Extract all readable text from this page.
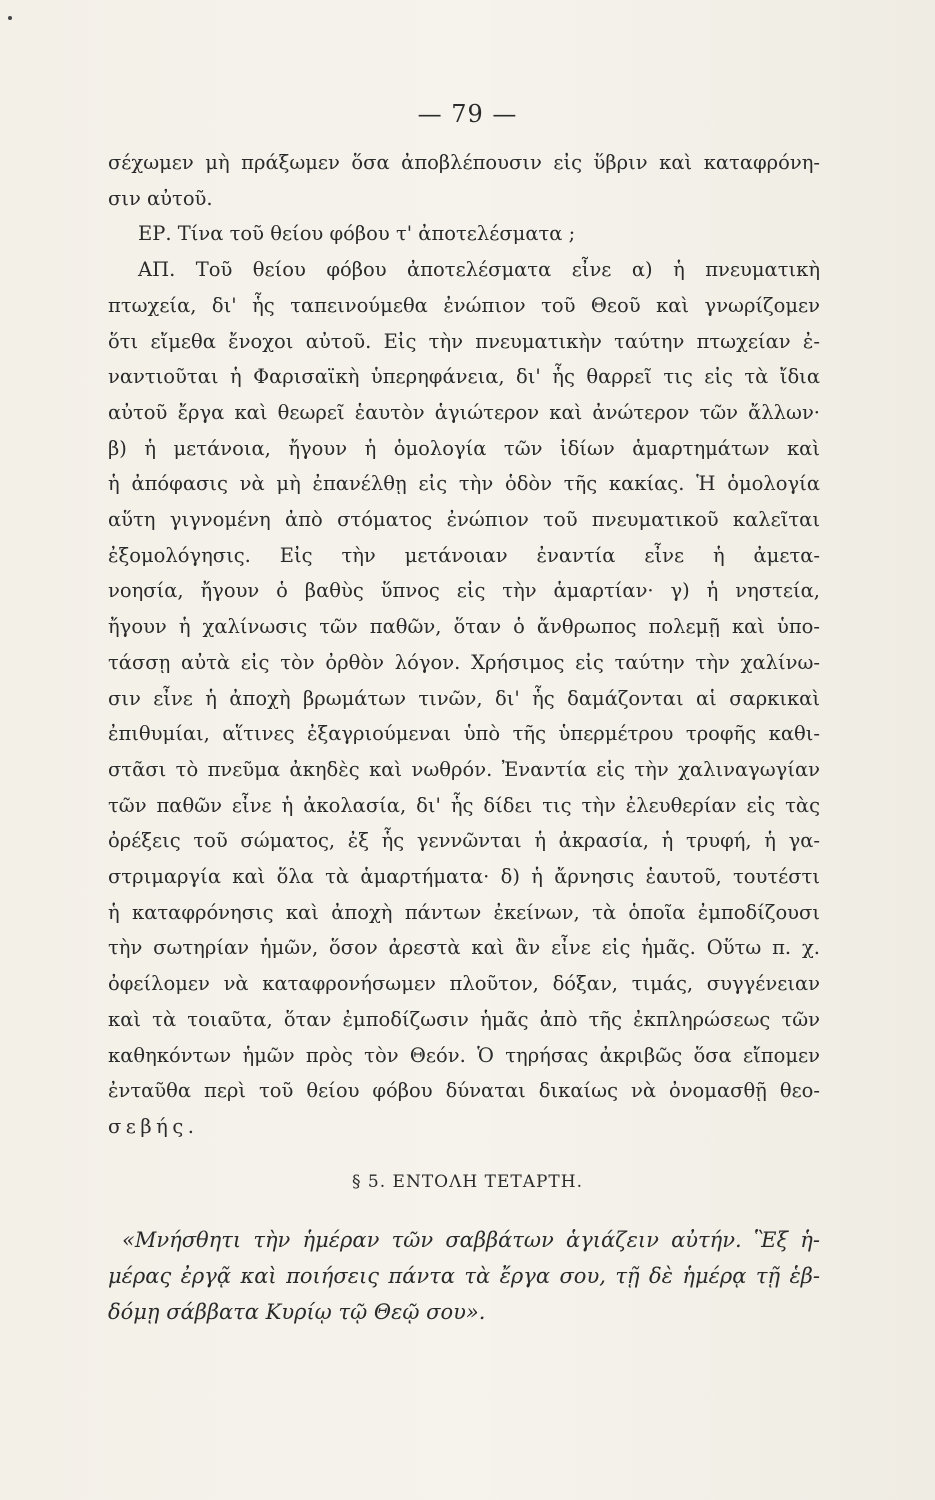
— 79 —
σέχωμεν μὴ πράξωμεν ὅσα ἀποβλέπουσιν εἰς ὕβριν καὶ καταφρόνη-
σιν αὐτοῦ.
ΕΡ. Τίνα τοῦ θείου φόβου τ' ἀποτελέσματα ;
ΑΠ. Τοῦ θείου φόβου ἀποτελέσματα εἶνε α) ἡ πνευματικὴ
πτωχεία, δι' ἧς ταπεινούμεθα ἐνώπιον τοῦ Θεοῦ καὶ γνωρίζομεν
ὅτι εἴμεθα ἔνοχοι αὐτοῦ. Εἰς τὴν πνευματικὴν ταύτην πτωχείαν ἐ-
ναντιοῦται ἡ Φαρισαϊκὴ ὑπερηφάνεια, δι' ἧς θαρρεῖ τις εἰς τὰ ἴδια
αὐτοῦ ἔργα καὶ θεωρεῖ ἑαυτὸν ἁγιώτερον καὶ ἀνώτερον τῶν ἄλλων·
β) ἡ μετάνοια, ἤγουν ἡ ὁμολογία τῶν ἰδίων ἁμαρτημάτων καὶ
ἡ ἀπόφασις νὰ μὴ ἐπανέλθῃ εἰς τὴν ὁδὸν τῆς κακίας. Ἡ ὁμολογία
αὕτη γιγνομένη ἀπὸ στόματος ἐνώπιον τοῦ πνευματικοῦ καλεῖται
ἐξομολόγησις. Εἰς τὴν μετάνοιαν ἐναντία εἶνε ἡ ἀμετα-
νοησία, ἤγουν ὁ βαθὺς ὕπνος εἰς τὴν ἁμαρτίαν· γ) ἡ νηστεία,
ἤγουν ἡ χαλίνωσις τῶν παθῶν, ὅταν ὁ ἄνθρωπος πολεμῇ καὶ ὑπο-
τάσσῃ αὐτὰ εἰς τὸν ὀρθὸν λόγον. Χρήσιμος εἰς ταύτην τὴν χαλίνω-
σιν εἶνε ἡ ἀποχὴ βρωμάτων τινῶν, δι' ἧς δαμάζονται αἱ σαρκικαὶ
ἐπιθυμίαι, αἵτινες ἐξαγριούμεναι ὑπὸ τῆς ὑπερμέτρου τροφῆς καθι-
στᾶσι τὸ πνεῦμα ἀκηδὲς καὶ νωθρόν. Ἐναντία εἰς τὴν χαλιναγωγίαν
τῶν παθῶν εἶνε ἡ ἀκολασία, δι' ἧς δίδει τις τὴν ἐλευθερίαν εἰς τὰς
ὀρέξεις τοῦ σώματος, ἐξ ἧς γεννῶνται ἡ ἀκρασία, ἡ τρυφή, ἡ γα-
στριμαργία καὶ ὅλα τὰ ἁμαρτήματα· δ) ἡ ἄρνησις ἑαυτοῦ, τουτέστι
ἡ καταφρόνησις καὶ ἀποχὴ πάντων ἐκείνων, τὰ ὁποῖα ἐμποδίζουσι
τὴν σωτηρίαν ἡμῶν, ὅσον ἀρεστὰ καὶ ἂν εἶνε εἰς ἡμᾶς. Οὕτω π. χ.
ὀφείλομεν νὰ καταφρονήσωμεν πλοῦτον, δόξαν, τιμάς, συγγένειαν
καὶ τὰ τοιαῦτα, ὅταν ἐμποδίζωσιν ἡμᾶς ἀπὸ τῆς ἐκπληρώσεως τῶν
καθηκόντων ἡμῶν πρὸς τὸν Θεόν. Ὁ τηρήσας ἀκριβῶς ὅσα εἴπομεν
ἐνταῦθα περὶ τοῦ θείου φόβου δύναται δικαίως νὰ ὀνομασθῇ θεο-
σεβής.
§ 5. ΕΝΤΟΛΗ ΤΕΤΑΡΤΗ.
«Μνήσθητι τὴν ἡμέραν τῶν σαββάτων ἁγιάζειν αὐτήν. Ἓξ ἡ-
μέρας ἐργᾷ καὶ ποιήσεις πάντα τὰ ἔργα σου, τῇ δὲ ἡμέρᾳ τῇ ἑβ-
δόμῃ σάββατα Κυρίῳ τῷ Θεῷ σου».
